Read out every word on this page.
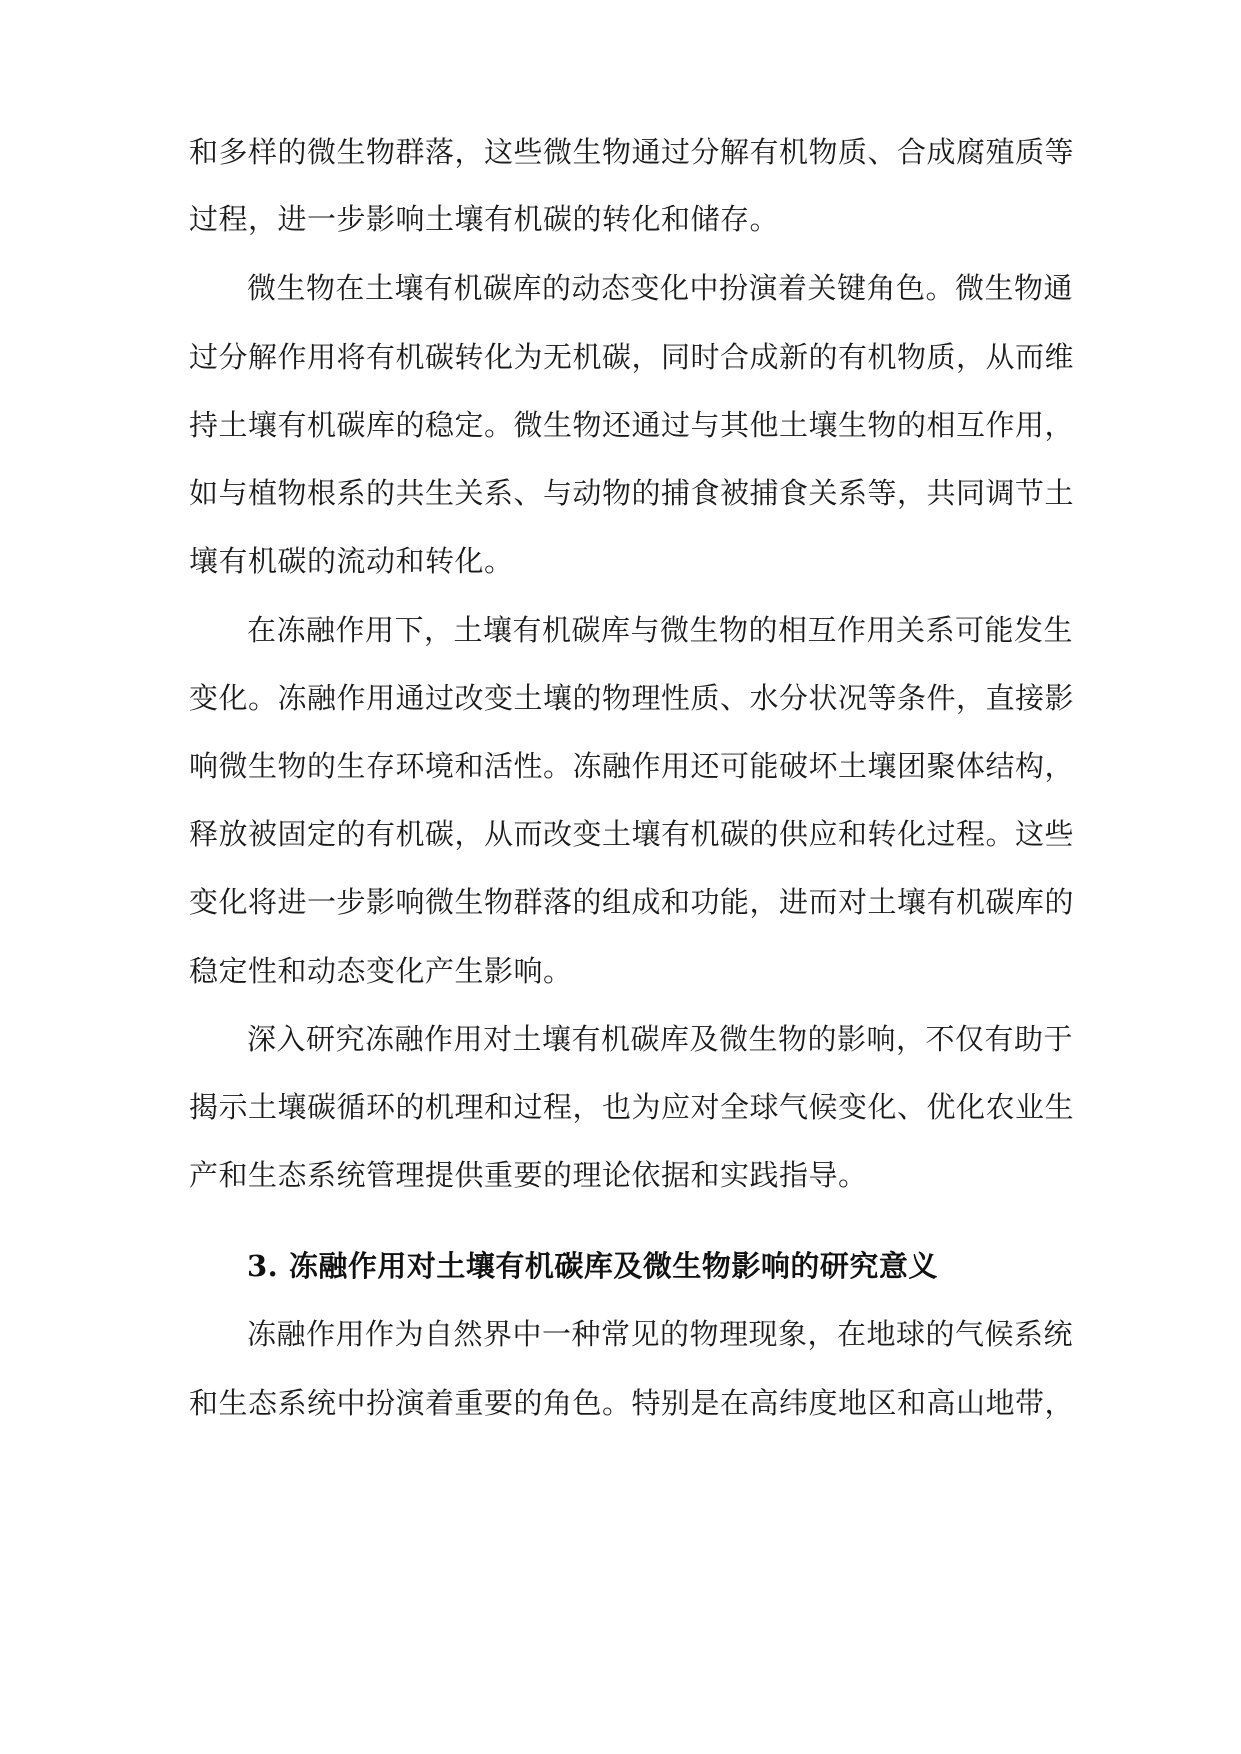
和多样的微生物群落，这些微生物通过分解有机物质、合成腐殖质等
过程，进一步影响土壤有机碳的转化和储存。
微生物在土壤有机碳库的动态变化中扮演着关键角色。微生物通
过分解作用将有机碳转化为无机碳，同时合成新的有机物质，从而维
持土壤有机碳库的稳定。微生物还通过与其他土壤生物的相互作用，
如与植物根系的共生关系、与动物的捕食被捕食关系等，共同调节土
壤有机碳的流动和转化。
在冻融作用下，土壤有机碳库与微生物的相互作用关系可能发生
变化。冻融作用通过改变土壤的物理性质、水分状况等条件，直接影
响微生物的生存环境和活性。冻融作用还可能破坏土壤团聚体结构，
释放被固定的有机碳，从而改变土壤有机碳的供应和转化过程。这些
变化将进一步影响微生物群落的组成和功能，进而对土壤有机碳库的
稳定性和动态变化产生影响。
深入研究冻融作用对土壤有机碳库及微生物的影响，不仅有助于
揭示土壤碳循环的机理和过程，也为应对全球气候变化、优化农业生
产和生态系统管理提供重要的理论依据和实践指导。
3. 冻融作用对土壤有机碳库及微生物影响的研究意义
冻融作用作为自然界中一种常见的物理现象，在地球的气候系统
和生态系统中扮演着重要的角色。特别是在高纬度地区和高山地带，
